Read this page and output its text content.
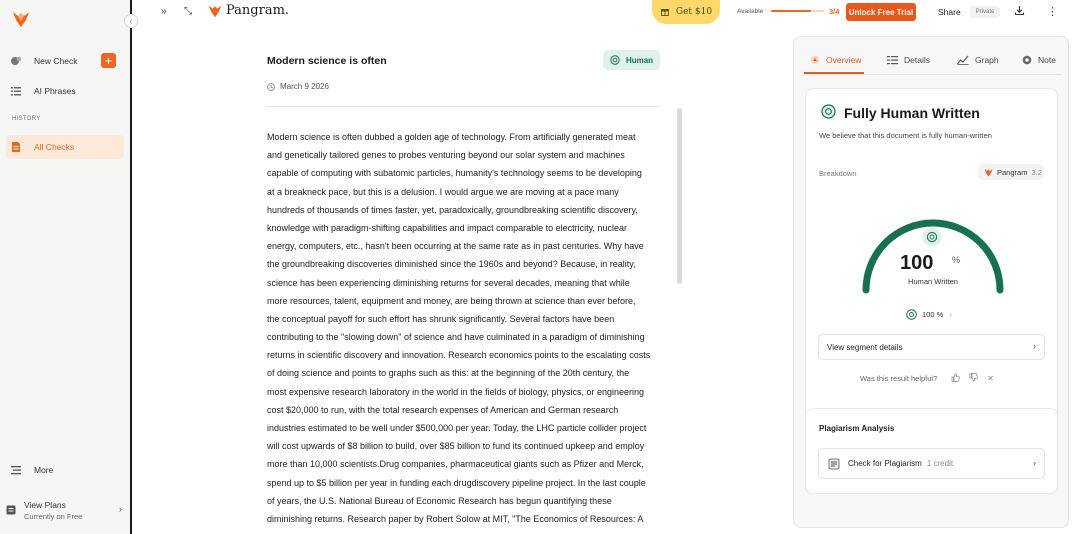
‹
New Check +
AI Phrases
HISTORY
All Checks
More
View Plans
Currently on Free
›
» ⤡	Pangram.	Get $10	Available	3/4	Unlock Free Trial	Share	Private	⋮
Modern science is often	Human
March 9 2026
Modern science is often dubbed a golden age of technology. From artificially generated meat
and genetically tailored genes to probes venturing beyond our solar system and machines
capable of computing with subatomic particles, humanity's technology seems to be developing
at a breakneck pace, but this is a delusion. I would argue we are moving at a pace many
hundreds of thousands of times faster, yet, paradoxically, groundbreaking scientific discovery,
knowledge with paradigm-shifting capabilities and impact comparable to electricity, nuclear
energy, computers, etc., hasn't been occurring at the same rate as in past centuries. Why have
the groundbreaking discoveries diminished since the 1960s and beyond? Because, in reality,
science has been experiencing diminishing returns for several decades, meaning that while
more resources, talent, equipment and money, are being thrown at science than ever before,
the conceptual payoff for such effort has shrunk significantly. Several factors have been
contributing to the "slowing down" of science and have culminated in a paradigm of diminishing
returns in scientific discovery and innovation. Research economics points to the escalating costs
of doing science and points to graphs such as this: at the beginning of the 20th century, the
most expensive research laboratory in the world in the fields of biology, physics, or engineering
cost $20,000 to run, with the total research expenses of American and German research
industries estimated to be well under $500,000 per year. Today, the LHC particle collider project
will cost upwards of $8 billion to build, over $85 billion to fund its continued upkeep and employ
more than 10,000 scientists.Drug companies, pharmaceutical giants such as Pfizer and Merck,
spend up to $5 billion per year in funding each drugdiscovery pipeline project. In the last couple
of years, the U.S. National Bureau of Economic Research has begun quantifying these
diminishing returns. Research paper by Robert Solow at MIT, "The Economics of Resources: A
Overview	Details	Graph	Note
Fully Human Written
We believe that this document is fully human-written
Breakdown	Pangram 3.2
100 %
Human Written
100 % ›
View segment details	›
Was this result helpful?	✕
Plagiarism Analysis
Check for Plagiarism 1 credit	›
